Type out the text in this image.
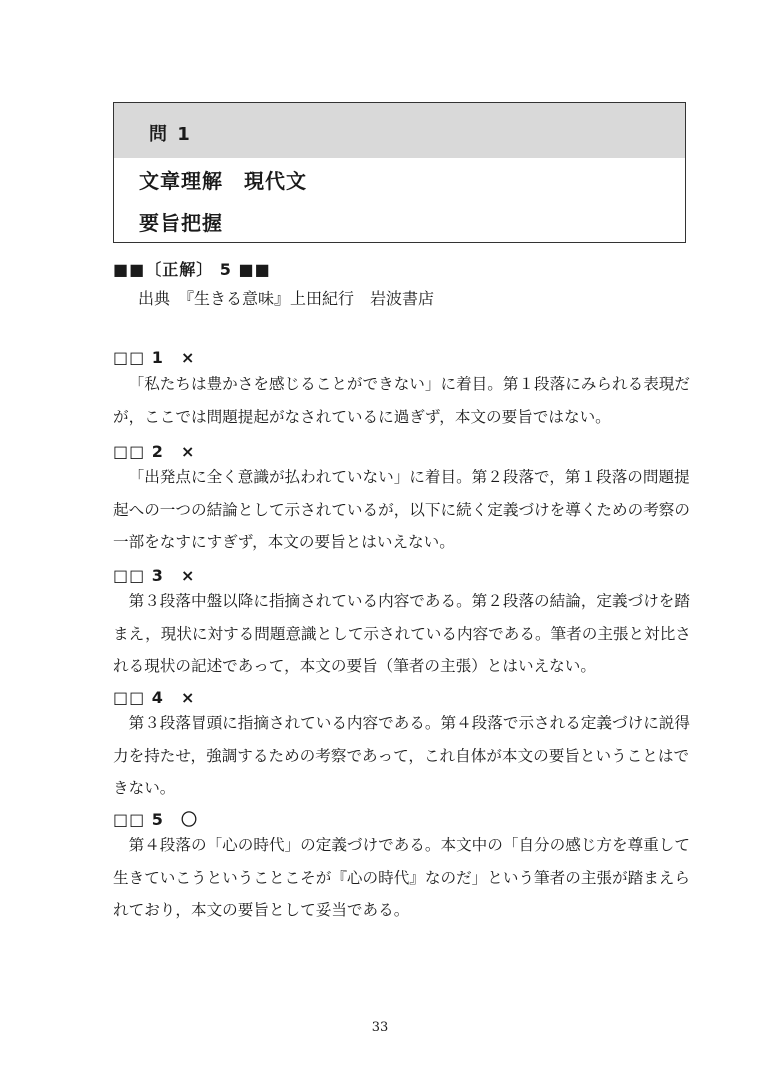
問 1
文章理解　現代文
要旨把握
■■〔正解〕 5 ■■
出典　『生きる意味』上田紀行　岩波書店
□□ 1　×
「私たちは豊かさを感じることができない」に着目。第１段落にみられる表現だが，ここでは問題提起がなされているに過ぎず，本文の要旨ではない。
□□ 2　×
「出発点に全く意識が払われていない」に着目。第２段落で，第１段落の問題提起への一つの結論として示されているが，以下に続く定義づけを導くための考察の一部をなすにすぎず，本文の要旨とはいえない。
□□ 3　×
第３段落中盤以降に指摘されている内容である。第２段落の結論，定義づけを踏まえ，現状に対する問題意識として示されている内容である。筆者の主張と対比される現状の記述であって，本文の要旨（筆者の主張）とはいえない。
□□ 4　×
第３段落冒頭に指摘されている内容である。第４段落で示される定義づけに説得力を持たせ，強調するための考察であって，これ自体が本文の要旨ということはできない。
□□ 5　〇
第４段落の「心の時代」の定義づけである。本文中の「自分の感じ方を尊重して生きていこうということこそが『心の時代』なのだ」という筆者の主張が踏まえられており，本文の要旨として妥当である。
33
